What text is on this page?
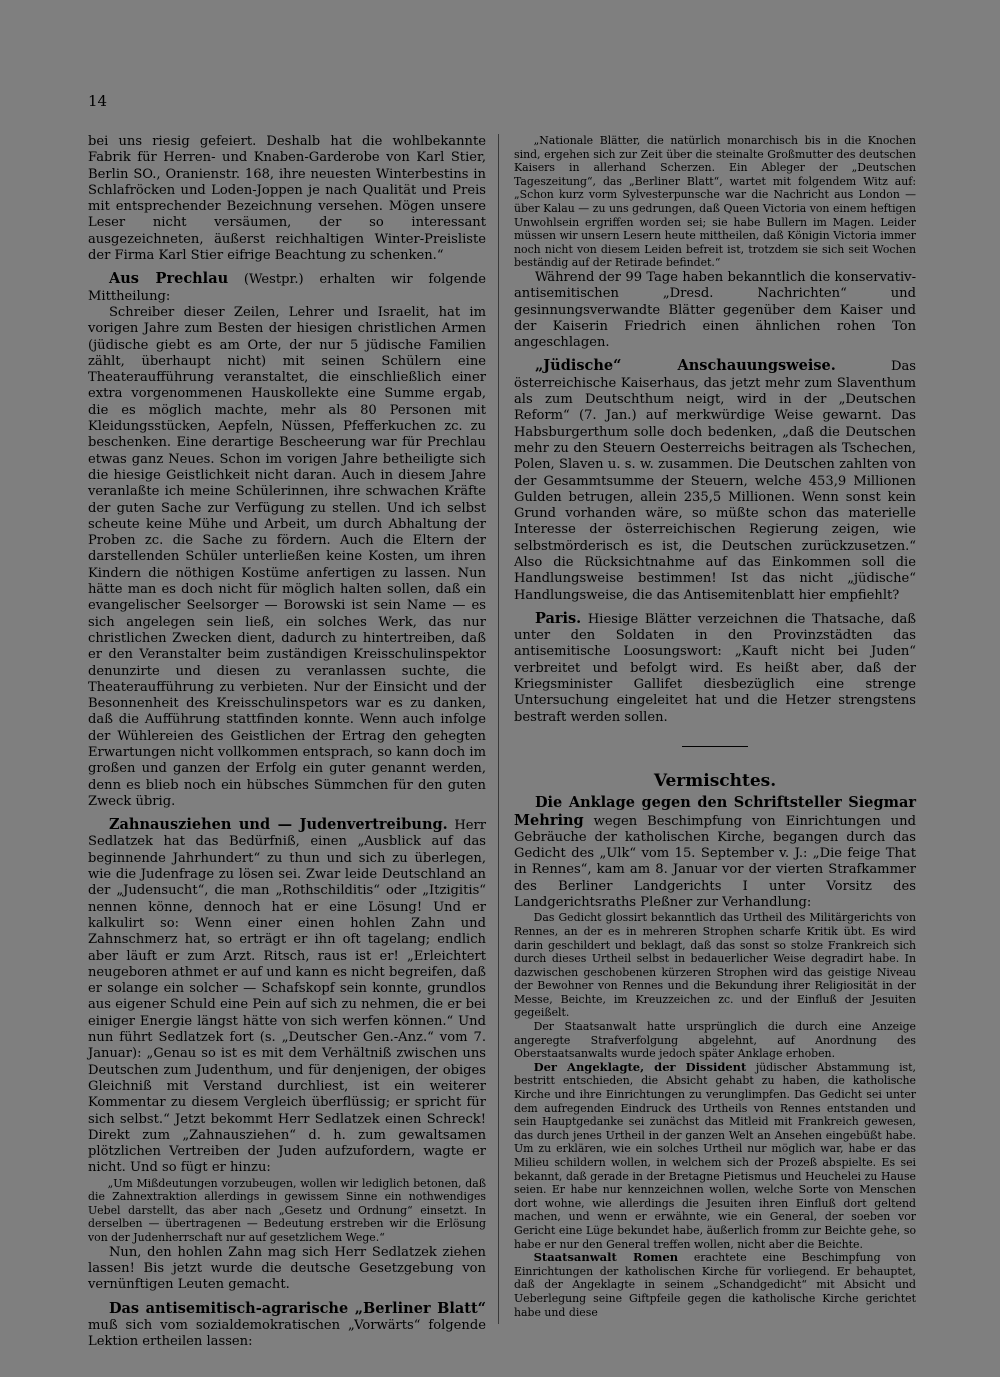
14

bei uns riesig gefeiert. Deshalb hat die wohlbekannte Fabrik für Herren- und Knaben-Garderobe von Karl Stier, Berlin SO., Oranienstr. 168, ihre neuesten Winterbestins in Schlafröcken und Loden-Joppen je nach Qualität und Preis mit entsprechender Bezeichnung versehen. Mögen unsere Leser nicht versäumen, der so interessant ausgezeichneten, äußerst reichhaltigen Winter-Preisliste der Firma Karl Stier eifrige Beachtung zu schenken.“

Aus Prechlau (Westpr.) erhalten wir folgende Mittheilung:

Schreiber dieser Zeilen, Lehrer und Israelit, hat im vorigen Jahre zum Besten der hiesigen christlichen Armen (jüdische giebt es am Orte, der nur 5 jüdische Familien zählt, überhaupt nicht) mit seinen Schülern eine Theateraufführung veranstaltet, die einschließlich einer extra vorgenommenen Hauskollekte eine Summe ergab, die es möglich machte, mehr als 80 Personen mit Kleidungsstücken, Aepfeln, Nüssen, Pfefferkuchen zc. zu beschenken. Eine derartige Bescheerung war für Prechlau etwas ganz Neues. Schon im vorigen Jahre betheiligte sich die hiesige Geistlichkeit nicht daran. Auch in diesem Jahre veranlaßte ich meine Schülerinnen, ihre schwachen Kräfte der guten Sache zur Verfügung zu stellen. Und ich selbst scheute keine Mühe und Arbeit, um durch Abhaltung der Proben zc. die Sache zu fördern. Auch die Eltern der darstellenden Schüler unterließen keine Kosten, um ihren Kindern die nöthigen Kostüme anfertigen zu lassen. Nun hätte man es doch nicht für möglich halten sollen, daß ein evangelischer Seelsorger — Borowski ist sein Name — es sich angelegen sein ließ, ein solches Werk, das nur christlichen Zwecken dient, dadurch zu hintertreiben, daß er den Veranstalter beim zuständigen Kreisschulinspektor denunzirte und diesen zu veranlassen suchte, die Theateraufführung zu verbieten. Nur der Einsicht und der Besonnenheit des Kreisschulinspetors war es zu danken, daß die Aufführung stattfinden konnte. Wenn auch infolge der Wühlereien des Geistlichen der Ertrag den gehegten Erwartungen nicht vollkommen entsprach, so kann doch im großen und ganzen der Erfolg ein guter genannt werden, denn es blieb noch ein hübsches Sümmchen für den guten Zweck übrig.

Zahnausziehen und — Judenvertreibung. Herr Sedlatzek hat das Bedürfniß, einen „Ausblick auf das beginnende Jahrhundert“ zu thun und sich zu überlegen, wie die Judenfrage zu lösen sei. Zwar leide Deutschland an der „Judensucht“, die man „Rothschilditis“ oder „Itzigitis“ nennen könne, dennoch hat er eine Lösung! Und er kalkulirt so: Wenn einer einen hohlen Zahn und Zahnschmerz hat, so erträgt er ihn oft tagelang; endlich aber läuft er zum Arzt. Ritsch, raus ist er! „Erleichtert neugeboren athmet er auf und kann es nicht begreifen, daß er solange ein solcher — Schafskopf sein konnte, grundlos aus eigener Schuld eine Pein auf sich zu nehmen, die er bei einiger Energie längst hätte von sich werfen können.“ Und nun führt Sedlatzek fort (s. „Deutscher Gen.-Anz.“ vom 7. Januar): „Genau so ist es mit dem Verhältniß zwischen uns Deutschen zum Judenthum, und für denjenigen, der obiges Gleichniß mit Verstand durchliest, ist ein weiterer Kommentar zu diesem Vergleich überflüssig; er spricht für sich selbst.“ Jetzt bekommt Herr Sedlatzek einen Schreck! Direkt zum „Zahnausziehen“ d. h. zum gewaltsamen plötzlichen Vertreiben der Juden aufzufordern, wagte er nicht. Und so fügt er hinzu:

„Um Mißdeutungen vorzubeugen, wollen wir lediglich betonen, daß die Zahnextraktion allerdings in gewissem Sinne ein nothwendiges Uebel darstellt, das aber nach „Gesetz und Ordnung“ einsetzt. In derselben — übertragenen — Bedeutung erstreben wir die Erlösung von der Judenherrschaft nur auf gesetzlichem Wege.“

Nun, den hohlen Zahn mag sich Herr Sedlatzek ziehen lassen! Bis jetzt wurde die deutsche Gesetzgebung von vernünftigen Leuten gemacht.

Das antisemitisch-agrarische „Berliner Blatt“ muß sich vom sozialdemokratischen „Vorwärts“ folgende Lektion ertheilen lassen:

„Nationale Blätter, die natürlich monarchisch bis in die Knochen sind, ergehen sich zur Zeit über die steinalte Großmutter des deutschen Kaisers in allerhand Scherzen. Ein Ableger der „Deutschen Tageszeitung“, das „Berliner Blatt“, wartet mit folgendem Witz auf: „Schon kurz vorm Sylvesterpunsche war die Nachricht aus London — über Kalau — zu uns gedrungen, daß Queen Victoria von einem heftigen Unwohlsein ergriffen worden sei; sie habe Bullern im Magen. Leider müssen wir unsern Lesern heute mittheilen, daß Königin Victoria immer noch nicht von diesem Leiden befreit ist, trotzdem sie sich seit Wochen beständig auf der Retirade befindet.“

Während der 99 Tage haben bekanntlich die konservativ-antisemitischen „Dresd. Nachrichten“ und gesinnungsverwandte Blätter gegenüber dem Kaiser und der Kaiserin Friedrich einen ähnlichen rohen Ton angeschlagen.

„Jüdische“ Anschauungsweise. Das österreichische Kaiserhaus, das jetzt mehr zum Slaventhum als zum Deutschthum neigt, wird in der „Deutschen Reform“ (7. Jan.) auf merkwürdige Weise gewarnt. Das Habsburgerthum solle doch bedenken, „daß die Deutschen mehr zu den Steuern Oesterreichs beitragen als Tschechen, Polen, Slaven u. s. w. zusammen. Die Deutschen zahlten von der Gesammtsumme der Steuern, welche 453,9 Millionen Gulden betrugen, allein 235,5 Millionen. Wenn sonst kein Grund vorhanden wäre, so müßte schon das materielle Interesse der österreichischen Regierung zeigen, wie selbstmörderisch es ist, die Deutschen zurückzusetzen.“ Also die Rücksichtnahme auf das Einkommen soll die Handlungsweise bestimmen! Ist das nicht „jüdische“ Handlungsweise, die das Antisemitenblatt hier empfiehlt?

Paris. Hiesige Blätter verzeichnen die Thatsache, daß unter den Soldaten in den Provinzstädten das antisemitische Loosungswort: „Kauft nicht bei Juden“ verbreitet und befolgt wird. Es heißt aber, daß der Kriegsminister Gallifet diesbezüglich eine strenge Untersuchung eingeleitet hat und die Hetzer strengstens bestraft werden sollen.

Vermischtes.

Die Anklage gegen den Schriftsteller Siegmar Mehring wegen Beschimpfung von Einrichtungen und Gebräuche der katholischen Kirche, begangen durch das Gedicht des „Ulk“ vom 15. September v. J.: „Die feige That in Rennes“, kam am 8. Januar vor der vierten Strafkammer des Berliner Landgerichts I unter Vorsitz des Landgerichtsraths Pleßner zur Verhandlung:

Das Gedicht glossirt bekanntlich das Urtheil des Militärgerichts von Rennes, an der es in mehreren Strophen scharfe Kritik übt. Es wird darin geschildert und beklagt, daß das sonst so stolze Frankreich sich durch dieses Urtheil selbst in bedauerlicher Weise degradirt habe. In dazwischen geschobenen kürzeren Strophen wird das geistige Niveau der Bewohner von Rennes und die Bekundung ihrer Religiosität in der Messe, Beichte, im Kreuzzeichen zc. und der Einfluß der Jesuiten gegeißelt.

Der Staatsanwalt hatte ursprünglich die durch eine Anzeige angeregte Strafverfolgung abgelehnt, auf Anordnung des Oberstaatsanwalts wurde jedoch später Anklage erhoben.

Der Angeklagte, der Dissident jüdischer Abstammung ist, bestritt entschieden, die Absicht gehabt zu haben, die katholische Kirche und ihre Einrichtungen zu verunglimpfen. Das Gedicht sei unter dem aufregenden Eindruck des Urtheils von Rennes entstanden und sein Hauptgedanke sei zunächst das Mitleid mit Frankreich gewesen, das durch jenes Urtheil in der ganzen Welt an Ansehen eingebüßt habe. Um zu erklären, wie ein solches Urtheil nur möglich war, habe er das Milieu schildern wollen, in welchem sich der Prozeß abspielte. Es sei bekannt, daß gerade in der Bretagne Pietismus und Heuchelei zu Hause seien. Er habe nur kennzeichnen wollen, welche Sorte von Menschen dort wohne, wie allerdings die Jesuiten ihren Einfluß dort geltend machen, und wenn er erwähnte, wie ein General, der soeben vor Gericht eine Lüge bekundet habe, äußerlich fromm zur Beichte gehe, so habe er nur den General treffen wollen, nicht aber die Beichte.

Staatsanwalt Romen erachtete eine Beschimpfung von Einrichtungen der katholischen Kirche für vorliegend. Er behauptet, daß der Angeklagte in seinem „Schandgedicht“ mit Absicht und Ueberlegung seine Giftpfeile gegen die katholische Kirche gerichtet habe und diese
